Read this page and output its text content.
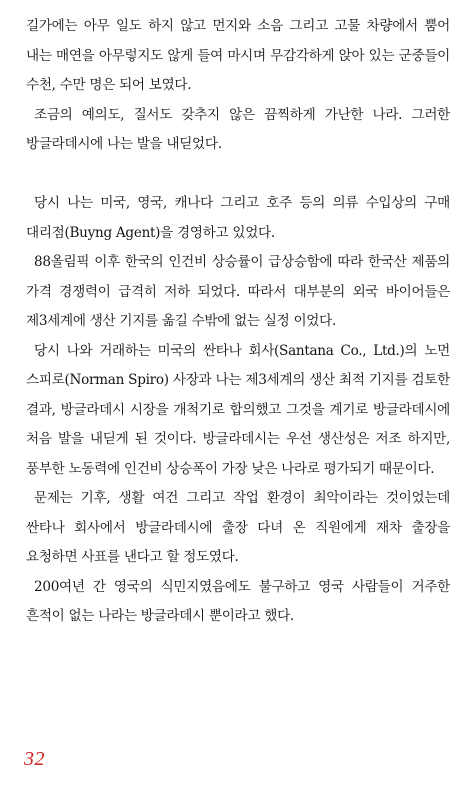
길가에는 아무 일도 하지 않고 먼지와 소음 그리고 고물 차량에서 뿜어 내는 매연을 아무렇지도 않게 들여 마시며 무감각하게 앉아 있는 군중들이 수천, 수만 명은 되어 보였다.

조금의 예의도, 질서도 갖추지 않은 끔찍하게 가난한 나라. 그러한 방글라데시에 나는 발을 내딛었다.

당시 나는 미국, 영국, 캐나다 그리고 호주 등의 의류 수입상의 구매 대리점(Buyng Agent)을 경영하고 있었다.

88올림픽 이후 한국의 인건비 상승률이 급상승함에 따라 한국산 제품의 가격 경쟁력이 급격히 저하 되었다. 따라서 대부분의 외국 바이어들은 제3세계에 생산 기지를 옮길 수밖에 없는 실정 이었다.

당시 나와 거래하는 미국의 싼타나 회사(Santana Co., Ltd.)의 노먼 스피로(Norman Spiro) 사장과 나는 제3세계의 생산 최적 기지를 검토한 결과, 방글라데시 시장을 개척기로 합의했고 그것을 계기로 방글라데시에 처음 발을 내딛게 된 것이다. 방글라데시는 우선 생산성은 저조 하지만, 풍부한 노동력에 인건비 상승폭이 가장 낮은 나라로 평가되기 때문이다.

문제는 기후, 생활 여건 그리고 작업 환경이 최악이라는 것이었는데 싼타나 회사에서 방글라데시에 출장 다녀 온 직원에게 재차 출장을 요청하면 사표를 낸다고 할 정도였다.

200여년 간 영국의 식민지였음에도 불구하고 영국 사람들이 거주한 흔적이 없는 나라는 방글라데시 뿐이라고 했다.

32
